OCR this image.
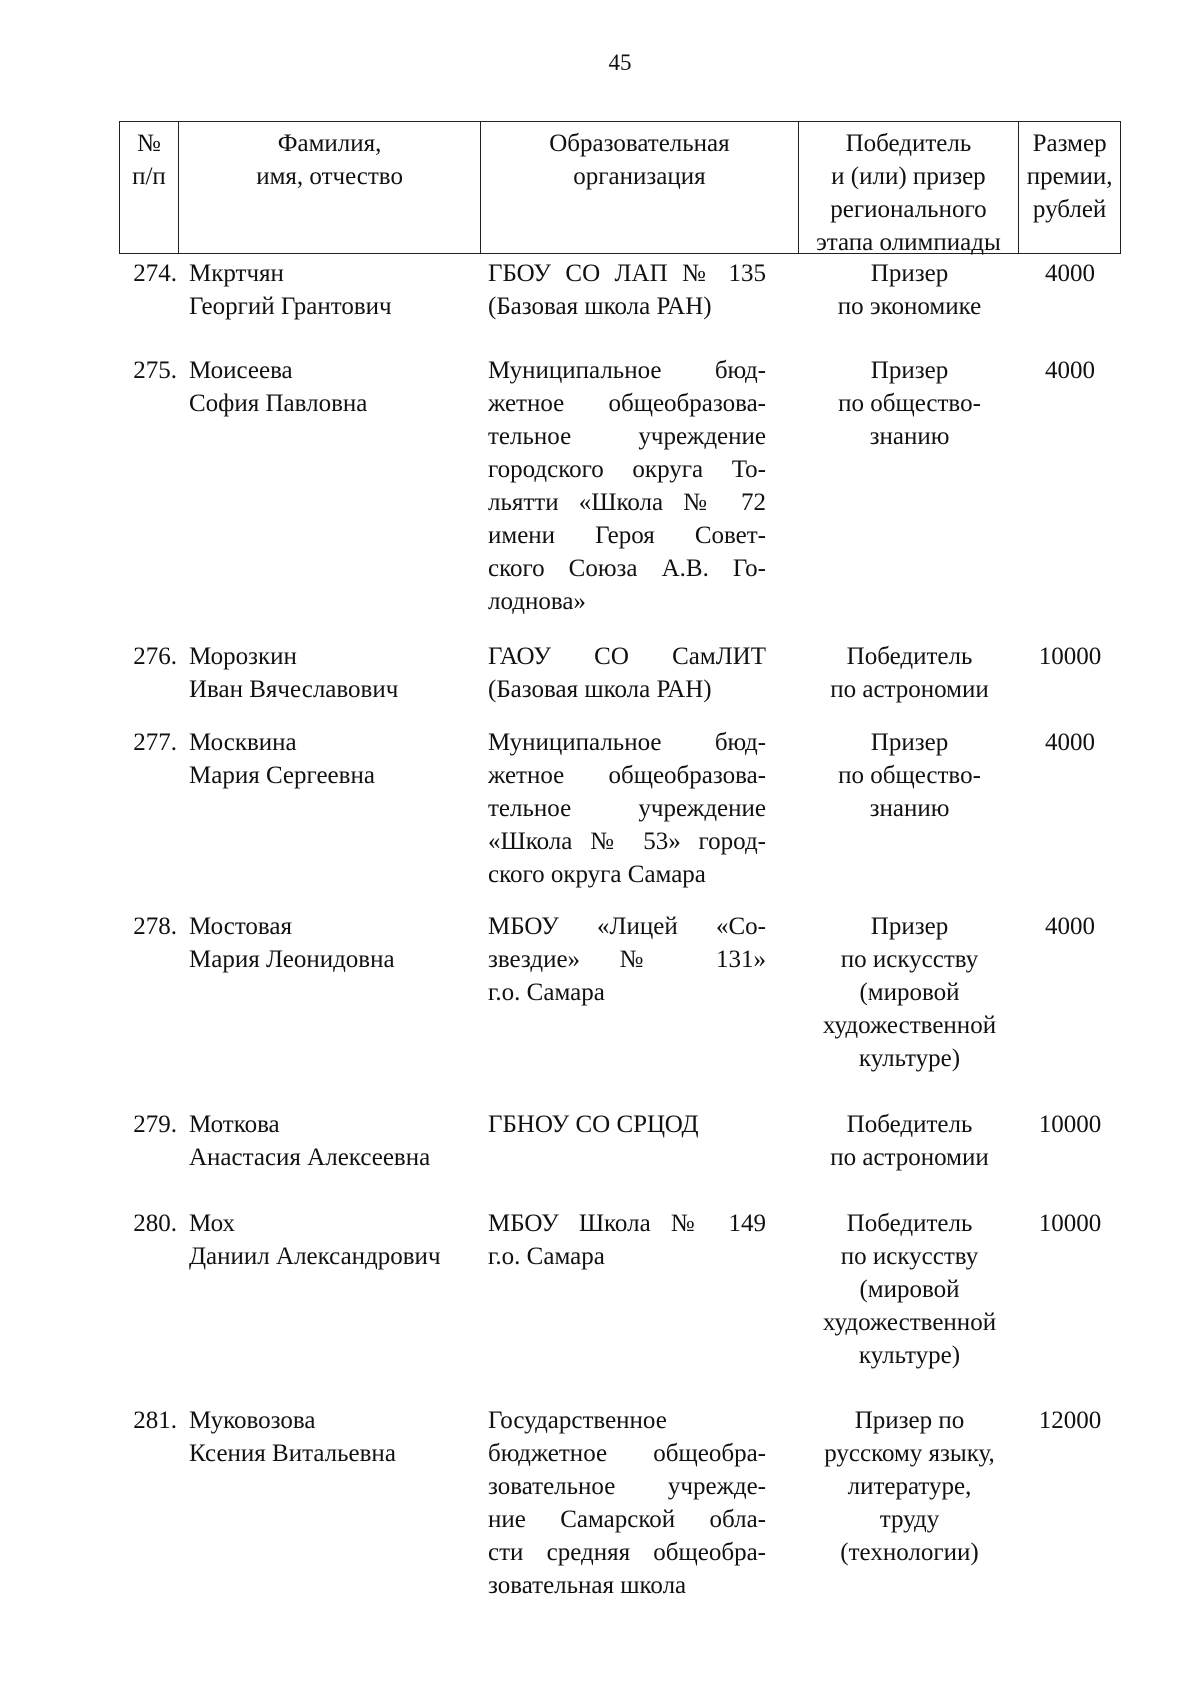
45
№
п/п
Фамилия,
имя, отчество
Образовательная
организация
Победитель
и (или) призер
регионального
этапа олимпиады
Размер
премии,
рублей
274. Мкртчян
Георгий Грантович
ГБОУ СО ЛАП № 135
(Базовая школа РАН)
Призер
по экономике
4000
275. Моисеева
София Павловна
Муниципальное бюд-
жетное общеобразова-
тельное учреждение
городского округа То-
льятти «Школа № 72
имени Героя Совет-
ского Союза А.В. Го-
лоднова»
Призер
по общество-
знанию
4000
276. Морозкин
Иван Вячеславович
ГАОУ СО СамЛИТ
(Базовая школа РАН)
Победитель
по астрономии
10000
277. Москвина
Мария Сергеевна
Муниципальное бюд-
жетное общеобразова-
тельное учреждение
«Школа № 53» город-
ского округа Самара
Призер
по общество-
знанию
4000
278. Мостовая
Мария Леонидовна
МБОУ «Лицей «Со-
звездие» № 131»
г.о. Самара
Призер
по искусству
(мировой
художественной
культуре)
4000
279. Моткова
Анастасия Алексеевна
ГБНОУ СО СРЦОД	Победитель
по астрономии
10000
280. Мох
Даниил Александрович
МБОУ Школа № 149
г.о. Самара
Победитель
по искусству
(мировой
художественной
культуре)
10000
281. Муковозова
Ксения Витальевна
Государственное
бюджетное общеобра-
зовательное учрежде-
ние Самарской обла-
сти средняя общеобра-
зовательная школа
Призер по
русскому языку,
литературе,
труду
(технологии)
12000
